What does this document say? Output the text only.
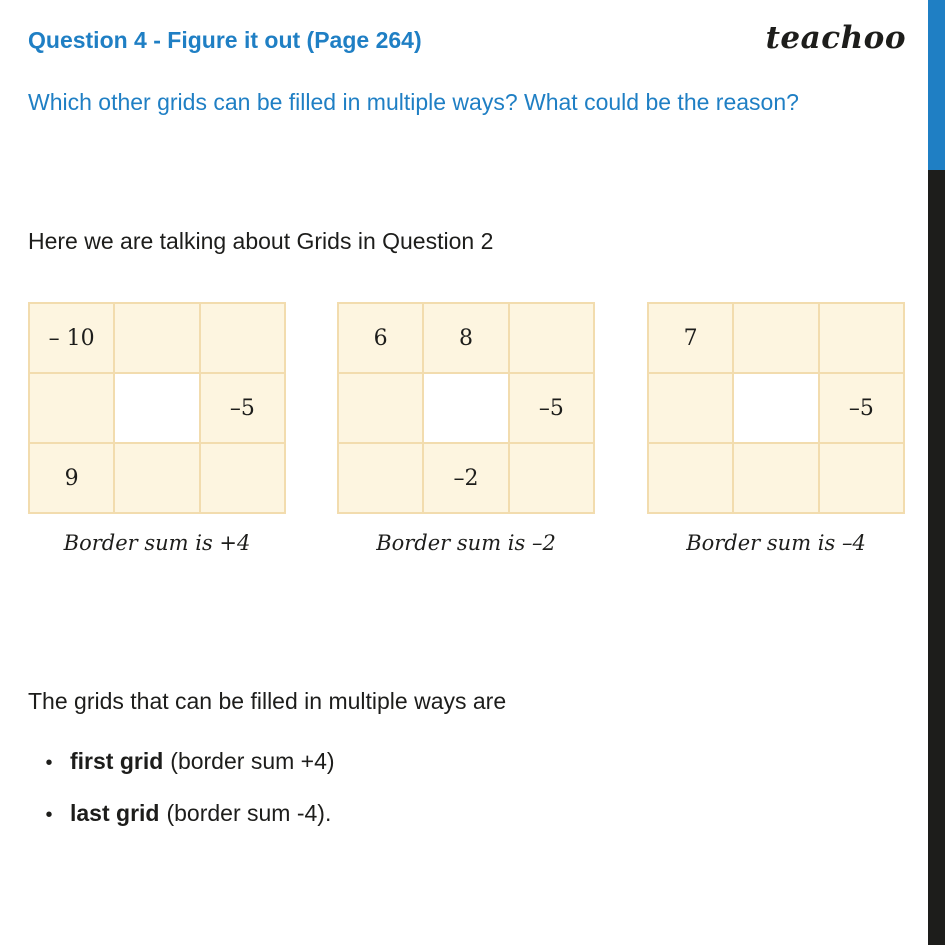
teachoo
Question 4 - Figure it out (Page 264)
Which other grids can be filled in multiple ways? What could be the reason?
Here we are talking about Grids in Question 2
– 10
–5
9
Border sum is +4
6	8
–5
–2
Border sum is –2
7
–5
Border sum is –4
The grids that can be filled in multiple ways are
• first grid (border sum +4)
• last grid (border sum -4).
